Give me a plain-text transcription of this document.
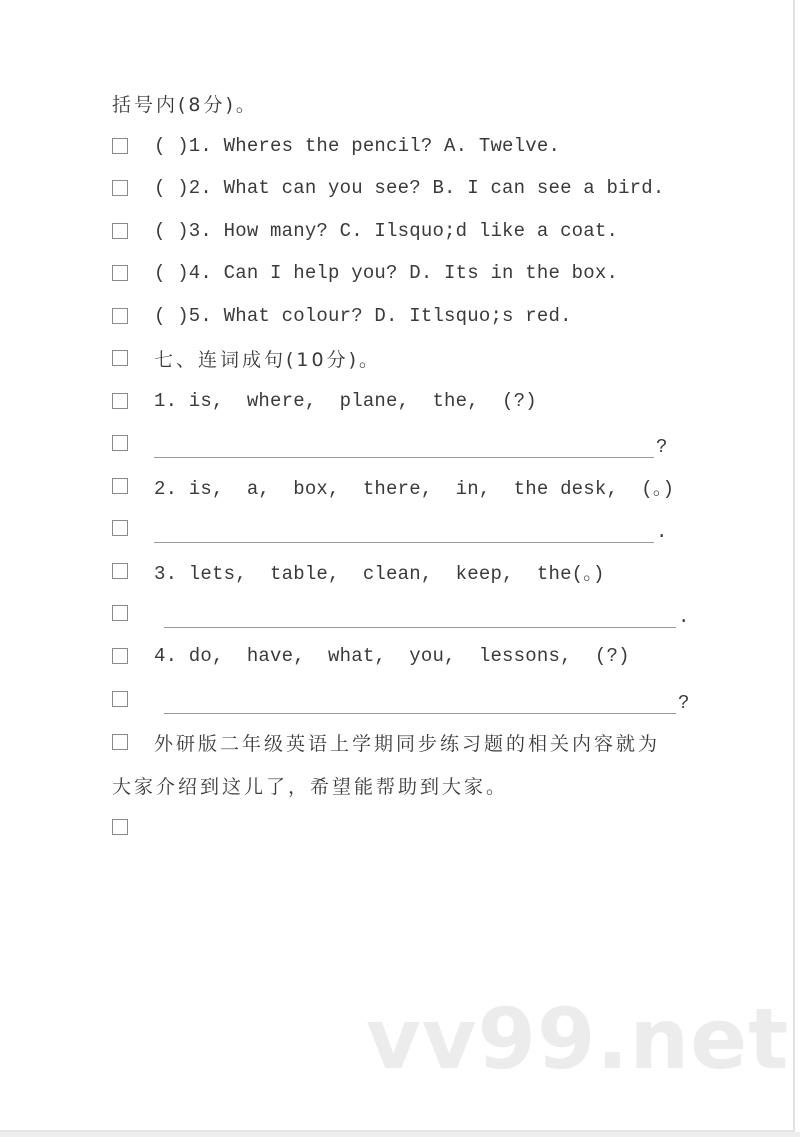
括号内(8分)。
( )1. Wheres the pencil? A. Twelve.
( )2. What can you see? B. I can see a bird.
( )3. How many? C. Ilsquo;d like a coat.
( )4. Can I help you? D. Its in the box.
( )5. What colour? D. Itlsquo;s red.
七、连词成句(10分)。
1. is,  where,  plane,  the,  (?)
?
2. is,  a,  box,  there,  in,  the desk,  (。)
.
3. lets,  table,  clean,  keep,  the(。)
.
4. do,  have,  what,  you,  lessons,  (?)
?
外研版二年级英语上学期同步练习题的相关内容就为
大家介绍到这儿了，希望能帮助到大家。
vv99.net
